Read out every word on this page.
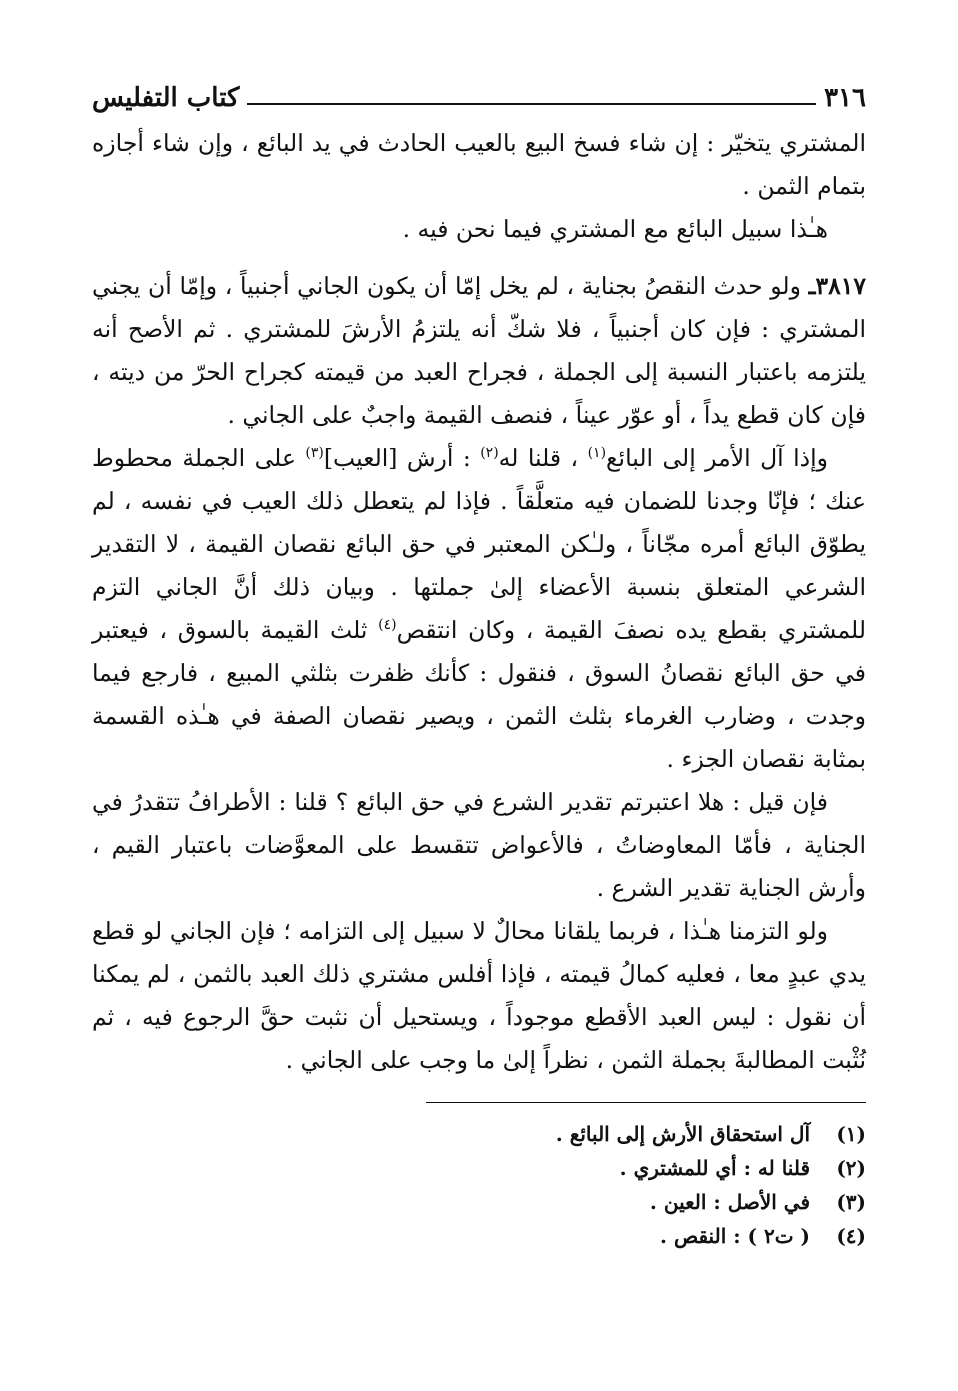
٣١٦
كتاب التفليس

المشتري يتخيّر : إن شاء فسخ البيع بالعيب الحادث في يد البائع ، وإن شاء أجازه بتمام الثمن .

هـٰذا سبيل البائع مع المشتري فيما نحن فيه .

٣٨١٧ـ ولو حدث النقصُ بجناية ، لم يخل إمّا أن يكون الجاني أجنبياً ، وإمّا أن يجني المشتري : فإن كان أجنبياً ، فلا شكّ أنه يلتزمُ الأرشَ للمشتري . ثم الأصح أنه يلتزمه باعتبار النسبة إلى الجملة ، فجراح العبد من قيمته كجراح الحرّ من ديته ، فإن كان قطع يداً ، أو عوّر عيناً ، فنصف القيمة واجبٌ على الجاني .

وإذا آل الأمر إلى البائع$^{(١)}$ ، قلنا له$^{(٢)}$ : أرش [العيب]$^{(٣)}$ على الجملة محطوط عنك ؛ فإنّا وجدنا للضمان فيه متعلَّقاً . فإذا لم يتعطل ذلك العيب في نفسه ، لم يطوّق البائع أمره مجّاناً ، ولـٰكن المعتبر في حق البائع نقصان القيمة ، لا التقدير الشرعي المتعلق بنسبة الأعضاء إلىٰ جملتها . وبيان ذلك أنَّ الجاني التزم للمشتري بقطع يده نصفَ القيمة ، وكان انتقص$^{(٤)}$ ثلث القيمة بالسوق ، فيعتبر في حق البائع نقصانُ السوق ، فنقول : كأنك ظفرت بثلثي المبيع ، فارجع فيما وجدت ، وضارب الغرماء بثلث الثمن ، ويصير نقصان الصفة في هـٰذه القسمة بمثابة نقصان الجزء .

فإن قيل : هلا اعتبرتم تقدير الشرع في حق البائع ؟ قلنا : الأطرافُ تتقدرُ في الجناية ، فأمّا المعاوضاتُ ، فالأعواض تتقسط على المعوَّضات باعتبار القيم ، وأرش الجناية تقدير الشرع .

ولو التزمنا هـٰذا ، فربما يلقانا محالٌ لا سبيل إلى التزامه ؛ فإن الجاني لو قطع يدي عبدٍ معا ، فعليه كمالُ قيمته ، فإذا أفلس مشتري ذلك العبد بالثمن ، لم يمكنا أن نقول : ليس العبد الأقطع موجوداً ، ويستحيل أن نثبت حقَّ الرجوع فيه ، ثم نُثْبت المطالبةَ بجملة الثمن ، نظراً إلىٰ ما وجب على الجاني .

(١)
آل استحقاق الأرش إلى البائع .
(٢)
قلنا له : أي للمشتري .
(٣)
في الأصل : العين .
(٤)
( ت٢ ) : النقص .
